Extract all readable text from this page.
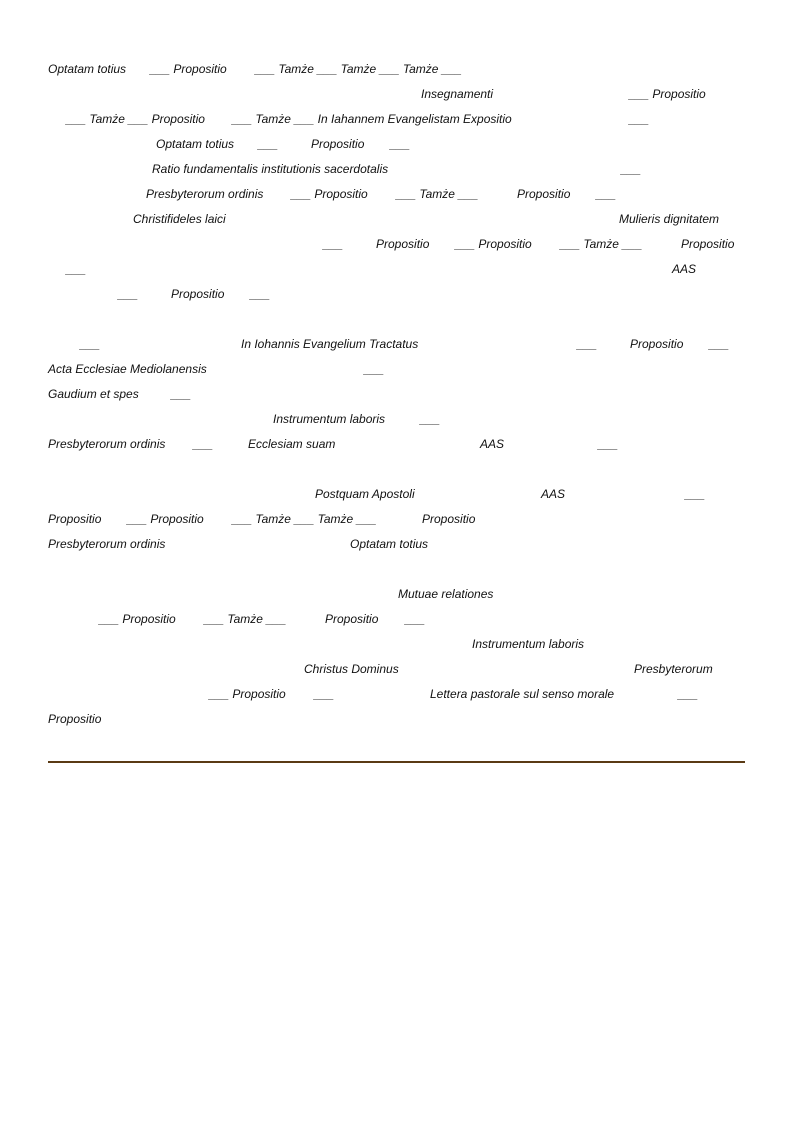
Optatam totius ___ Propositio ___ Tamże ___ Tamże ___ Tamże ___
Insegnamenti	___ Propositio
___ Tamże ___ Propositio ___ Tamże ___ In Iahannem Evangelistam Expositio	___
Optatam totius ___	Propositio ___
Ratio fundamentalis institutionis sacerdotalis	___
Presbyterorum ordinis ___ Propositio ___ Tamże ___	Propositio ___
Christifideles laici	Mulieris dignitatem
___	Propositio ___ Propositio ___ Tamże ___	Propositio
___	AAS
___	Propositio ___
___	In Iohannis Evangelium Tractatus	___	Propositio ___
Acta Ecclesiae Mediolanensis	___
Gaudium et spes	___
Instrumentum laboris	___
Presbyterorum ordinis ___	Ecclesiam suam	AAS	___
Postquam Apostoli	AAS	___
Propositio ___ Propositio ___ Tamże ___ Tamże ___	Propositio
Presbyterorum ordinis	Optatam totius
Mutuae relationes
___ Propositio ___ Tamże ___	Propositio ___
Instrumentum laboris
Christus Dominus	Presbyterorum
___ Propositio ___	Lettera pastorale sul senso morale	___
Propositio
